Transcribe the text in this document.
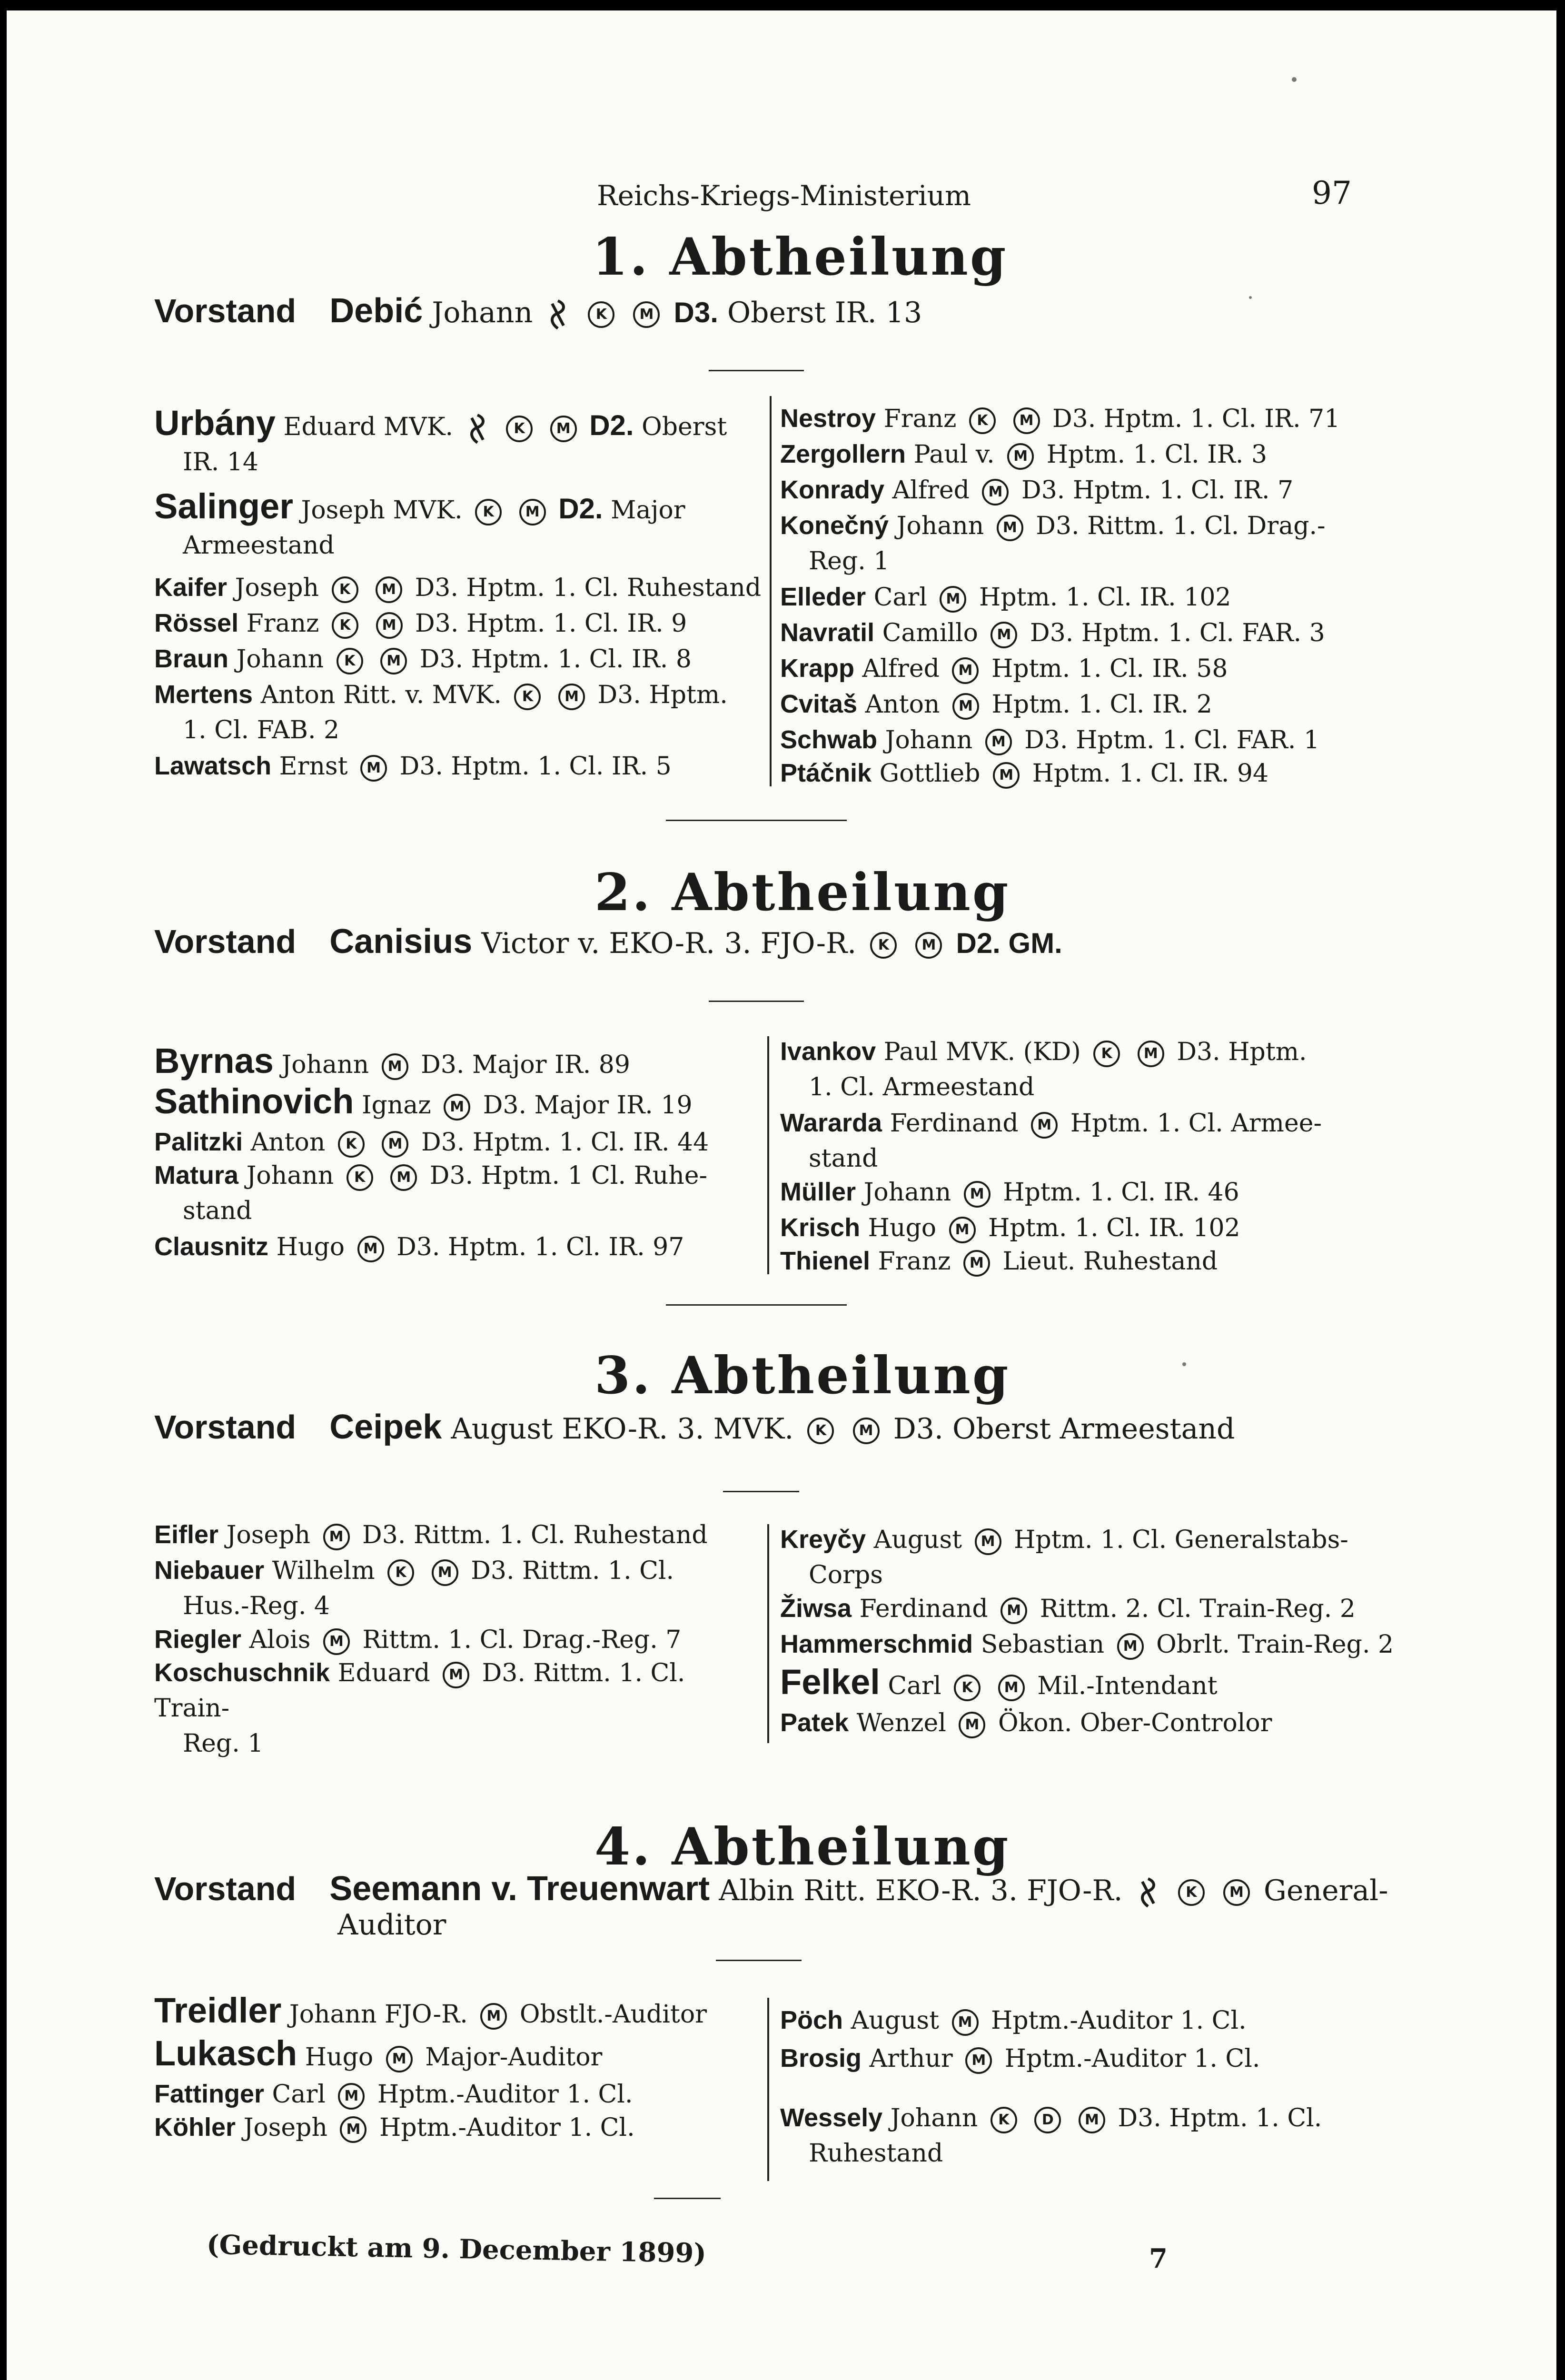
Reichs-Kriegs-Ministerium	97
1. Abtheilung
Vorstand Debić Johann	K M D3. Oberst IR. 13
Urbány Eduard MVK.	K M D2. Oberst
IR. 14
Salinger Joseph MVK. K M D2. Major
Armeestand
Kaifer Joseph K M D3. Hptm. 1. Cl. Ruhestand
Rössel Franz K M D3. Hptm. 1. Cl. IR. 9
Braun Johann K M D3. Hptm. 1. Cl. IR. 8
Mertens Anton Ritt. v. MVK. K M D3. Hptm.
1. Cl. FAB. 2
Lawatsch Ernst M D3. Hptm. 1. Cl. IR. 5
Nestroy Franz K M D3. Hptm. 1. Cl. IR. 71
Zergollern Paul v. M Hptm. 1. Cl. IR. 3
Konrady Alfred M D3. Hptm. 1. Cl. IR. 7
Konečný Johann M D3. Rittm. 1. Cl. Drag.-
Reg. 1
Elleder Carl M Hptm. 1. Cl. IR. 102
Navratil Camillo M D3. Hptm. 1. Cl. FAR. 3
Krapp Alfred M Hptm. 1. Cl. IR. 58
Cvitaš Anton M Hptm. 1. Cl. IR. 2
Schwab Johann M D3. Hptm. 1. Cl. FAR. 1
Ptáčnik Gottlieb M Hptm. 1. Cl. IR. 94
2. Abtheilung
Vorstand Canisius Victor v. EKO-R. 3. FJO-R. K M D2. GM.
Byrnas Johann M D3. Major IR. 89
Sathinovich Ignaz M D3. Major IR. 19
Palitzki Anton K M D3. Hptm. 1. Cl. IR. 44
Matura Johann K M D3. Hptm. 1 Cl. Ruhe-
stand
Clausnitz Hugo M D3. Hptm. 1. Cl. IR. 97
Ivankov Paul MVK. (KD) K M D3. Hptm.
1. Cl. Armeestand
Wararda Ferdinand M Hptm. 1. Cl. Armee-
stand
Müller Johann M Hptm. 1. Cl. IR. 46
Krisch Hugo M Hptm. 1. Cl. IR. 102
Thienel Franz M Lieut. Ruhestand
3. Abtheilung
Vorstand Ceipek August EKO-R. 3. MVK. K M D3. Oberst Armeestand
Eifler Joseph M D3. Rittm. 1. Cl. Ruhestand
Niebauer Wilhelm K M D3. Rittm. 1. Cl.
Hus.-Reg. 4
Riegler Alois M Rittm. 1. Cl. Drag.-Reg. 7
Koschuschnik Eduard M D3. Rittm. 1. Cl. Train-
Reg. 1
Kreyčy August M Hptm. 1. Cl. Generalstabs-
Corps
Žiwsa Ferdinand M Rittm. 2. Cl. Train-Reg. 2
Hammerschmid Sebastian M Obrlt. Train-Reg. 2
Felkel Carl K M Mil.-Intendant
Patek Wenzel M Ökon. Ober-Controlor
4. Abtheilung
Vorstand Seemann v. Treuenwart Albin Ritt. EKO-R. 3. FJO-R.	K M General-
Auditor
Treidler Johann FJO-R. M Obstlt.-Auditor
Lukasch Hugo M Major-Auditor
Fattinger Carl M Hptm.-Auditor 1. Cl.
Köhler Joseph M Hptm.-Auditor 1. Cl.
Pöch August M Hptm.-Auditor 1. Cl.
Brosig Arthur M Hptm.-Auditor 1. Cl.
Wessely Johann K D M D3. Hptm. 1. Cl.
Ruhestand
(Gedruckt am 9. December 1899)	7
